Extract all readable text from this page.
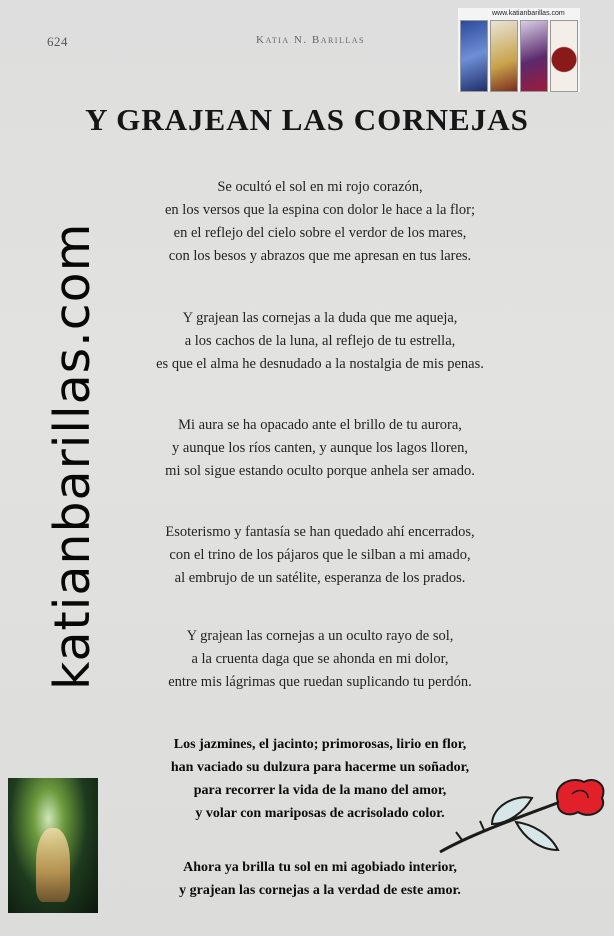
624	Katia N. Barillas
www.katianbarillas.com
Y GRAJEAN LAS CORNEJAS
Se ocultó el sol en mi rojo corazón,
en los versos que la espina con dolor le hace a la flor;
en el reflejo del cielo sobre el verdor de los mares,
con los besos y abrazos que me apresan en tus lares.
Y grajean las cornejas a la duda que me aqueja,
a los cachos de la luna, al reflejo de tu estrella,
es que el alma he desnudado a la nostalgia de mis penas.
Mi aura se ha opacado ante el brillo de tu aurora,
y aunque los ríos canten, y aunque los lagos lloren,
mi sol sigue estando oculto porque anhela ser amado.
Esoterismo y fantasía se han quedado ahí encerrados,
con el trino de los pájaros que le silban a mi amado,
al embrujo de un satélite, esperanza de los prados.
Y grajean las cornejas a un oculto rayo de sol,
a la cruenta daga que se ahonda en mi dolor,
entre mis lágrimas que ruedan suplicando tu perdón.
Los jazmines, el jacinto; primorosas, lirio en flor,
han vaciado su dulzura para hacerme un soñador,
para recorrer la vida de la mano del amor,
y volar con mariposas de acrisolado color.
Ahora ya brilla tu sol en mi agobiado interior,
y grajean las cornejas a la verdad de este amor.
katianbarillas.com
